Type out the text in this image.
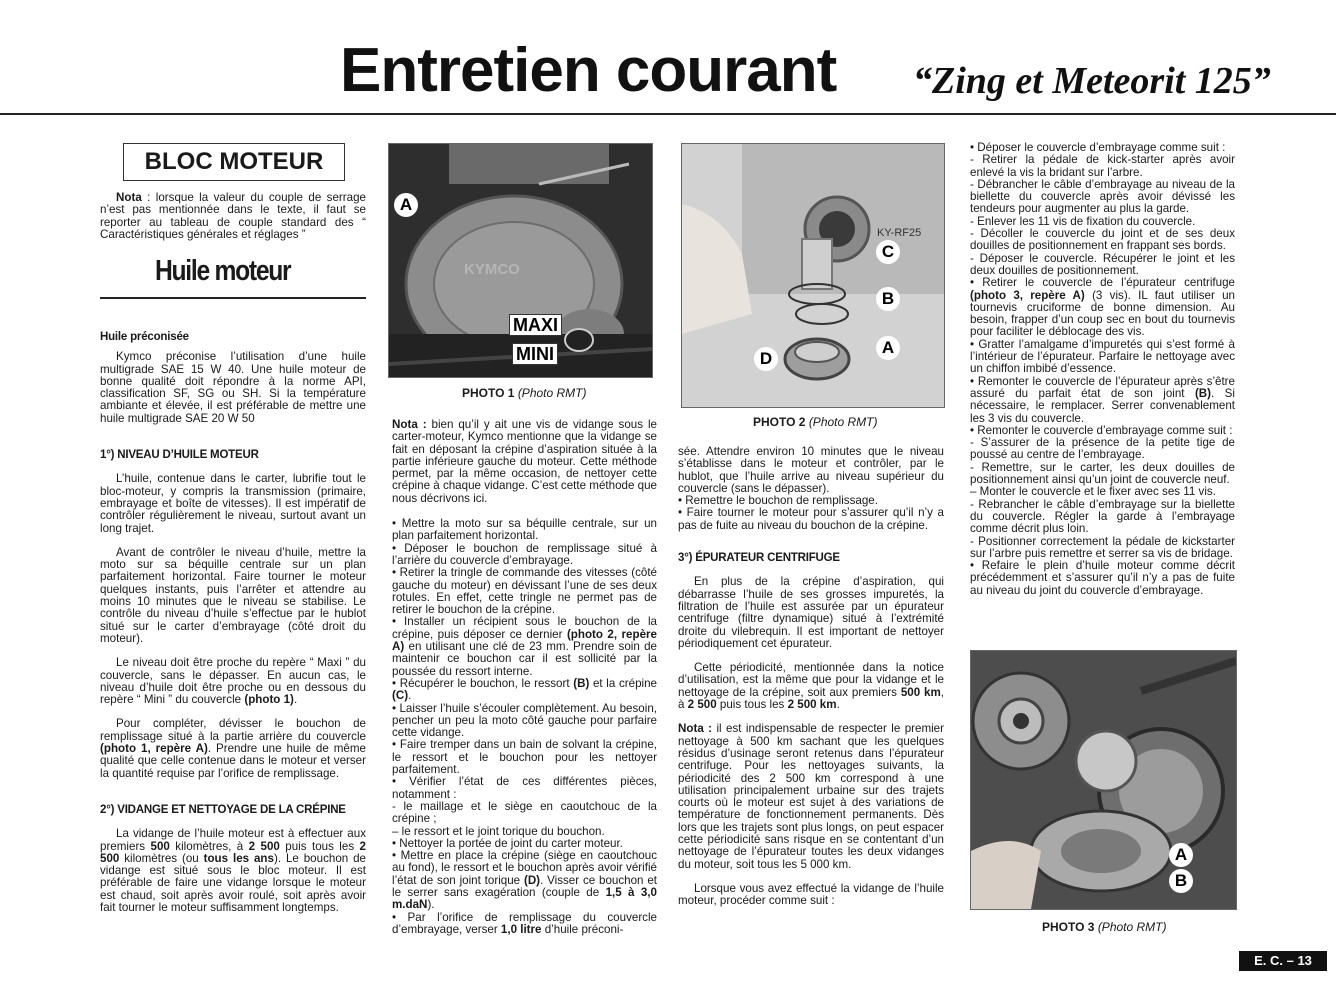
Entretien courant “Zing et Meteorit 125”
BLOC MOTEUR

Nota : lorsque la valeur du couple de serrage n’est pas mentionnée dans le texte, il faut se reporter au tableau de couple standard des “ Caractéristiques générales et réglages ”

Huile moteur

Huile préconisée

Kymco préconise l’utilisation d’une huile multigrade SAE 15 W 40. Une huile moteur de bonne qualité doit répondre à la norme API, classification SF, SG ou SH. Si la température ambiante et élevée, il est préférable de mettre une huile multigrade SAE 20 W 50

1°) NIVEAU D’HUILE MOTEUR

L’huile, contenue dans le carter, lubrifie tout le bloc-moteur, y compris la transmission (primaire, embrayage et boîte de vitesses). Il est impératif de contrôler régulièrement le niveau, surtout avant un long trajet.

Avant de contrôler le niveau d’huile, mettre la moto sur sa béquille centrale sur un plan parfaitement horizontal. Faire tourner le moteur quelques instants, puis l’arrêter et attendre au moins 10 minutes que le niveau se stabilise. Le contrôle du niveau d’huile s’effectue par le hublot situé sur le carter d’embrayage (côté droit du moteur).

Le niveau doit être proche du repère “ Maxi ” du couvercle, sans le dépasser. En aucun cas, le niveau d’huile doit être proche ou en dessous du repère “ Mini ” du couvercle (photo 1).

Pour compléter, dévisser le bouchon de remplissage situé à la partie arrière du couvercle (photo 1, repère A). Prendre une huile de même qualité que celle contenue dans le moteur et verser la quantité requise par l’orifice de remplissage.

2°) VIDANGE ET NETTOYAGE DE LA CRÉPINE

La vidange de l’huile moteur est à effectuer aux premiers 500 kilomètres, à 2 500 puis tous les 2 500 kilomètres (ou tous les ans). Le bouchon de vidange est situé sous le bloc moteur. Il est préférable de faire une vidange lorsque le moteur est chaud, soit après avoir roulé, soit après avoir fait tourner le moteur suffisamment longtemps.

KYMCO
A
MAXI
MINI
PHOTO 1 (Photo RMT)

Nota : bien qu’il y ait une vis de vidange sous le carter-moteur, Kymco mentionne que la vidange se fait en déposant la crépine d’aspiration située à la partie inférieure gauche du moteur. Cette méthode permet, par la même occasion, de nettoyer cette crépine à chaque vidange. C’est cette méthode que nous décrivons ici.

• Mettre la moto sur sa béquille centrale, sur un plan parfaitement horizontal.

• Déposer le bouchon de remplissage situé à l’arrière du couvercle d’embrayage.

• Retirer la tringle de commande des vitesses (côté gauche du moteur) en dévissant l’une de ses deux rotules. En effet, cette tringle ne permet pas de retirer le bouchon de la crépine.

• Installer un récipient sous le bouchon de la crépine, puis déposer ce dernier (photo 2, repère A) en utilisant une clé de 23 mm. Prendre soin de maintenir ce bouchon car il est sollicité par la poussée du ressort interne.

• Récupérer le bouchon, le ressort (B) et la crépine (C).

• Laisser l’huile s’écouler complètement. Au besoin, pencher un peu la moto côté gauche pour parfaire cette vidange.

• Faire tremper dans un bain de solvant la crépine, le ressort et le bouchon pour les nettoyer parfaitement.

• Vérifier l’état de ces différentes pièces, notamment :

- le maillage et le siège en caoutchouc de la crépine ;

– le ressort et le joint torique du bouchon.

• Nettoyer la portée de joint du carter moteur.

• Mettre en place la crépine (siège en caoutchouc au fond), le ressort et le bouchon après avoir vérifié l’état de son joint torique (D). Visser ce bouchon et le serrer sans exagération (couple de 1,5 à 3,0 m.daN).

• Par l’orifice de remplissage du couvercle d’embrayage, verser 1,0 litre d’huile préconi-

KY-RF25
C
B
A
D
PHOTO 2 (Photo RMT)

sée. Attendre environ 10 minutes que le niveau s’établisse dans le moteur et contrôler, par le hublot, que l’huile arrive au niveau supérieur du couvercle (sans le dépasser).

• Remettre le bouchon de remplissage.

• Faire tourner le moteur pour s’assurer qu’il n’y a pas de fuite au niveau du bouchon de la crépine.

3°) ÉPURATEUR CENTRIFUGE

En plus de la crépine d’aspiration, qui débarrasse l’huile de ses grosses impuretés, la filtration de l’huile est assurée par un épurateur centrifuge (filtre dynamique) situé à l’extrémité droite du vilebrequin. Il est important de nettoyer périodiquement cet épurateur.

Cette périodicité, mentionnée dans la notice d’utilisation, est la même que pour la vidange et le nettoyage de la crépine, soit aux premiers 500 km, à 2 500 puis tous les 2 500 km.

Nota : il est indispensable de respecter le premier nettoyage à 500 km sachant que les quelques résidus d’usinage seront retenus dans l’épurateur centrifuge. Pour les nettoyages suivants, la périodicité des 2 500 km correspond à une utilisation principalement urbaine sur des trajets courts où le moteur est sujet à des variations de température de fonctionnement permanents. Dès lors que les trajets sont plus longs, on peut espacer cette périodicité sans risque en se contentant d’un nettoyage de l’épurateur toutes les deux vidanges du moteur, soit tous les 5 000 km.

Lorsque vous avez effectué la vidange de l’huile moteur, procéder comme suit :

• Déposer le couvercle d’embrayage comme suit :

- Retirer la pédale de kick-starter après avoir enlevé la vis la bridant sur l’arbre.

- Débrancher le câble d’embrayage au niveau de la biellette du couvercle après avoir dévissé les tendeurs pour augmenter au plus la garde.

- Enlever les 11 vis de fixation du couvercle.

- Décoller le couvercle du joint et de ses deux douilles de positionnement en frappant ses bords.

- Déposer le couvercle. Récupérer le joint et les deux douilles de positionnement.

• Retirer le couvercle de l’épurateur centrifuge (photo 3, repère A) (3 vis). IL faut utiliser un tournevis cruciforme de bonne dimension. Au besoin, frapper d’un coup sec en bout du tournevis pour faciliter le déblocage des vis.

• Gratter l’amalgame d’impuretés qui s’est formé à l’intérieur de l’épurateur. Parfaire le nettoyage avec un chiffon imbibé d’essence.

• Remonter le couvercle de l’épurateur après s’être assuré du parfait état de son joint (B). Si nécessaire, le remplacer. Serrer convenablement les 3 vis du couvercle.

• Remonter le couvercle d’embrayage comme suit :

- S’assurer de la présence de la petite tige de poussé au centre de l’embrayage.

- Remettre, sur le carter, les deux douilles de positionnement ainsi qu’un joint de couvercle neuf.

– Monter le couvercle et le fixer avec ses 11 vis.

- Rebrancher le câble d’embrayage sur la biellette du couvercle. Régler la garde à l’embrayage comme décrit plus loin.

- Positionner correctement la pédale de kickstarter sur l’arbre puis remettre et serrer sa vis de bridage.

• Refaire le plein d’huile moteur comme décrit précédemment et s’assurer qu’il n’y a pas de fuite au niveau du joint du couvercle d’embrayage.

A
B
PHOTO 3 (Photo RMT)
E. C. – 13
